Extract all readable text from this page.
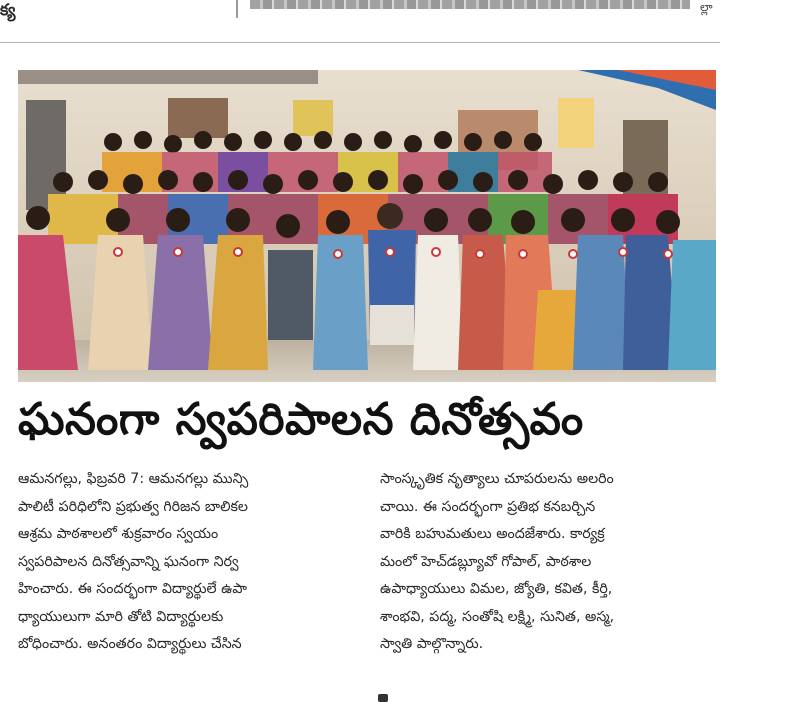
క్య	ల్లా
ఘనంగా స్వపరిపాలన దినోత్సవం
ఆమనగల్లు, ఫిబ్రవరి 7: ఆమనగల్లు మున్సి
పాలిటీ పరిధిలోని ప్రభుత్వ గిరిజన బాలికల
ఆశ్రమ పాఠశాలలో శుక్రవారం స్వయం
స్వపరిపాలన దినోత్సవాన్ని ఘనంగా నిర్వ
హించారు. ఈ సందర్భంగా విద్యార్థులే ఉపా
ధ్యాయులుగా మారి తోటి విద్యార్థులకు
బోధించారు. అనంతరం విద్యార్థులు చేసిన
సాంస్కృతిక నృత్యాలు చూపరులను అలరిం
చాయి. ఈ సందర్భంగా ప్రతిభ కనబర్చిన
వారికి బహుమతులు అందజేశారు. కార్యక్ర
మంలో హెచ్‌డబ్ల్యూవో గోపాల్, పాఠశాల
ఉపాధ్యాయులు విమల, జ్యోతి, కవిత, కీర్తి,
శాంభవి, పద్మ, సంతోషి లక్ష్మి, సునిత, అస్మ,
స్వాతి పాల్గొన్నారు.
